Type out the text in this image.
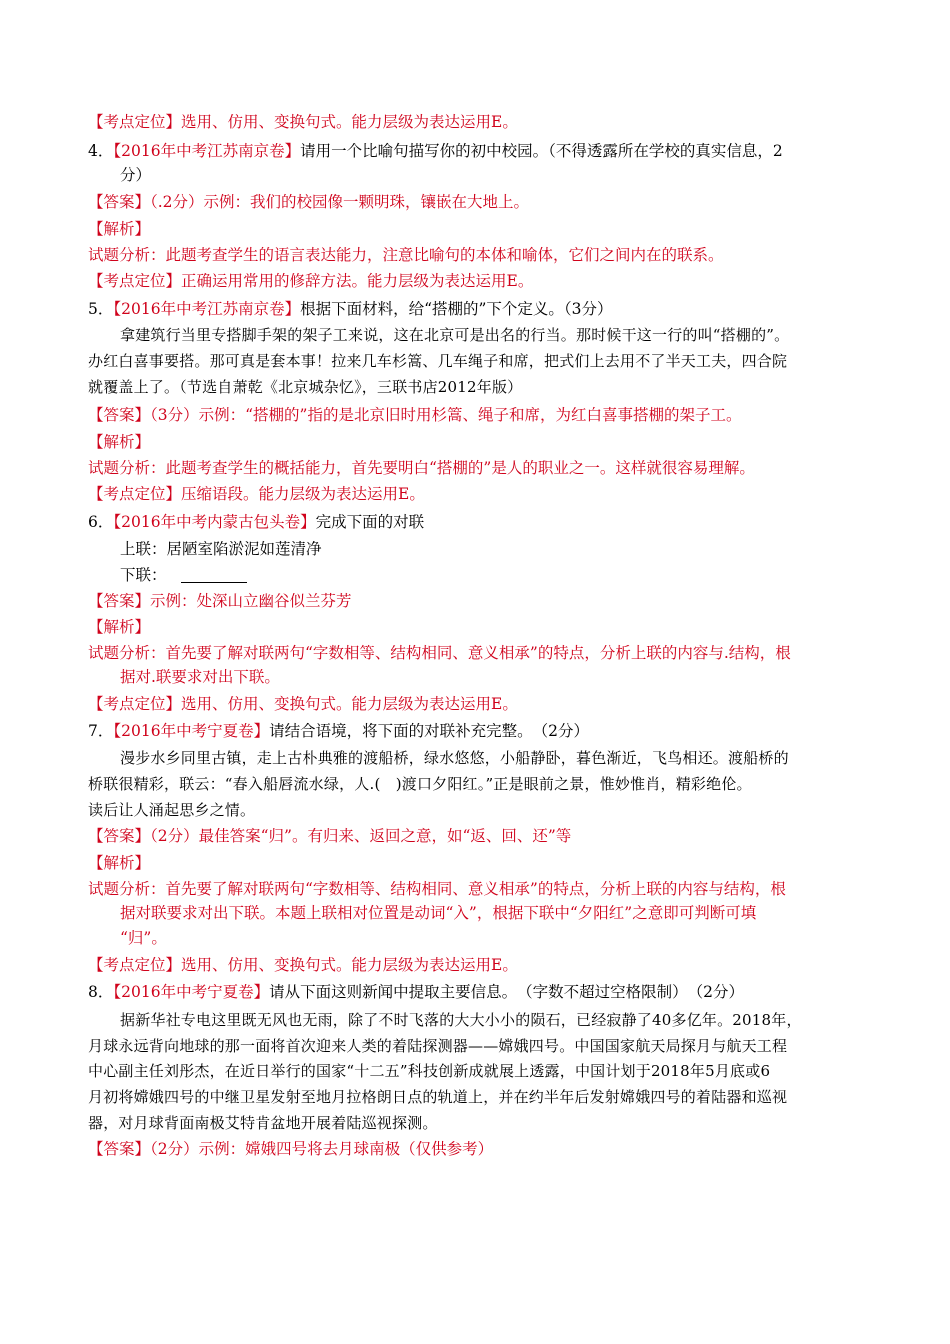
【考点定位】选用、仿用、变换句式。能力层级为表达运用E。
4．【2016年中考江苏南京卷】请用一个比喻句描写你的初中校园。（不得透露所在学校的真实信息，2
分）
【答案】（.2分）示例：我们的校园像一颗明珠，镶嵌在大地上。
【解析】
试题分析：此题考查学生的语言表达能力，注意比喻句的本体和喻体，它们之间内在的联系。
【考点定位】正确运用常用的修辞方法。能力层级为表达运用E。
5．【2016年中考江苏南京卷】根据下面材料，给“搭棚的”下个定义。（3分）
拿建筑行当里专搭脚手架的架子工来说，这在北京可是出名的行当。那时候干这一行的叫“搭棚的”。
办红白喜事要搭。那可真是套本事！拉来几车杉篙、几车绳子和席，把式们上去用不了半天工夫，四合院
就覆盖上了。（节选自萧乾《北京城杂忆》，三联书店2012年版）
【答案】（3分）示例：“搭棚的”指的是北京旧时用杉篙、绳子和席，为红白喜事搭棚的架子工。
【解析】
试题分析：此题考查学生的概括能力，首先要明白“搭棚的”是人的职业之一。这样就很容易理解。
【考点定位】压缩语段。能力层级为表达运用E。
6．【2016年中考内蒙古包头卷】完成下面的对联
上联：居陋室陷淤泥如莲清净
下联：
【答案】示例：处深山立幽谷似兰芬芳
【解析】
试题分析：首先要了解对联两句“字数相等、结构相同、意义相承”的特点，分析上联的内容与.结构，根
据对.联要求对出下联。
【考点定位】选用、仿用、变换句式。能力层级为表达运用E。
7．【2016年中考宁夏卷】请结合语境，将下面的对联补充完整。　（2分）
漫步水乡同里古镇，走上古朴典雅的渡船桥，绿水悠悠，小船静卧，暮色渐近，飞鸟相还。渡船桥的
桥联很精彩，联云：“春入船唇流水绿，人.(　)渡口夕阳红。”正是眼前之景，惟妙惟肖，精彩绝伦。
读后让人涌起思乡之情。
【答案】（2分）最佳答案“归”。有归来、返回之意，如“返、回、还”等
【解析】
试题分析：首先要了解对联两句“字数相等、结构相同、意义相承”的特点，分析上联的内容与结构，根
据对联要求对出下联。本题上联相对位置是动词“入”，根据下联中“夕阳红”之意即可判断可填
“归”。
【考点定位】选用、仿用、变换句式。能力层级为表达运用E。
8．【2016年中考宁夏卷】请从下面这则新闻中提取主要信息。　（字数不超过空格限制）　（2分）
据新华社专电这里既无风也无雨，除了不时飞落的大大小小的陨石，已经寂静了40多亿年。2018年，
月球永远背向地球的那一面将首次迎来人类的着陆探测器——嫦娥四号。中国国家航天局探月与航天工程
中心副主任刘彤杰，在近日举行的国家“十二五”科技创新成就展上透露，中国计划于2018年5月底或6
月初将嫦娥四号的中继卫星发射至地月拉格朗日点的轨道上，并在约半年后发射嫦娥四号的着陆器和巡视
器，对月球背面南极艾特肯盆地开展着陆巡视探测。
【答案】（2分）示例：嫦娥四号将去月球南极（仅供参考）
